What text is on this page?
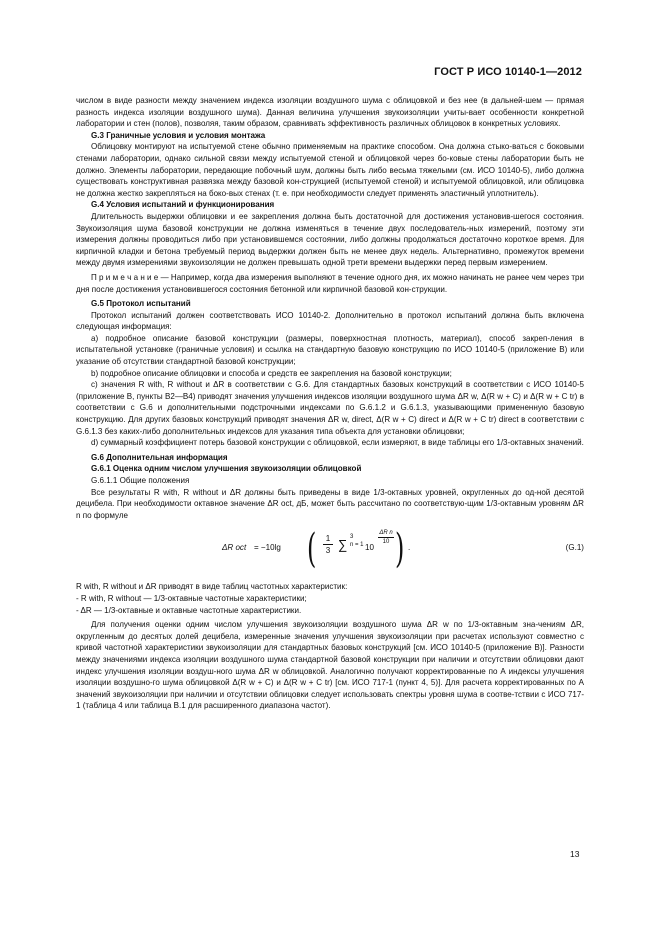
ГОСТ Р ИСО 10140-1—2012

числом в виде разности между значением индекса изоляции воздушного шума с облицовкой и без нее (в дальней-шем — прямая разность индекса изоляции воздушного шума). Данная величина улучшения звукоизоляции учиты-вает особенности конкретной лаборатории и стен (полов), позволяя, таким образом, сравнивать эффективность различных облицовок в конкретных условиях.

G.3 Граничные условия и условия монтажа

Облицовку монтируют на испытуемой стене обычно применяемым на практике способом. Она должна стыко-ваться с боковыми стенами лаборатории, однако сильной связи между испытуемой стеной и облицовкой через бо-ковые стены лаборатории быть не должно. Элементы лаборатории, передающие побочный шум, должны быть либо весьма тяжелыми (см. ИСО 10140-5), либо должна существовать конструктивная развязка между базовой кон-струкцией (испытуемой стеной) и испытуемой облицовкой, или облицовка не должна жестко закрепляться на боко-вых стенах (т. е. при необходимости следует применять эластичный уплотнитель).

G.4 Условия испытаний и функционирования

Длительность выдержки облицовки и ее закрепления должна быть достаточной для достижения установив-шегося состояния. Звукоизоляция шума базовой конструкции не должна изменяться в течение двух последователь-ных измерений, поэтому эти измерения должны проводиться либо при установившемся состоянии, либо должны продолжаться достаточно короткое время. Для кирпичной кладки и бетона требуемый период выдержки должен быть не менее двух недель. Альтернативно, промежуток времени между двумя измерениями звукоизоляции не должен превышать одной трети времени выдержки перед первым измерением.

П р и м е ч а н и е — Например, когда два измерения выполняют в течение одного дня, их можно начинать не ранее чем через три дня после достижения установившегося состояния бетонной или кирпичной базовой кон-струкции.

G.5 Протокол испытаний

Протокол испытаний должен соответствовать ИСО 10140-2. Дополнительно в протокол испытаний должна быть включена следующая информация:

а) подробное описание базовой конструкции (размеры, поверхностная плотность, материал), способ закреп-ления в испытательной установке (граничные условия) и ссылка на стандартную базовую конструкцию по ИСО 10140-5 (приложение В) или указание об отсутствии стандартной базовой конструкции;

b) подробное описание облицовки и способа и средств ее закрепления на базовой конструкции;

с) значения R with, R without и ΔR в соответствии с G.6. Для стандартных базовых конструкций в соответствии с ИСО 10140-5 (приложение В, пункты В2—В4) приводят значения улучшения индексов изоляции воздушного шума ΔR w, Δ(R w + C) и Δ(R w + C tr) в соответствии с G.6 и дополнительными подстрочными индексами по G.6.1.2 и G.6.1.3, указывающими примененную базовую конструкцию. Для других базовых конструкций приводят значения ΔR w, direct, Δ(R w + C) direct и Δ(R w + C tr) direct в соответствии с G.6.1.3 без каких-либо дополнительных индексов для указания типа объекта для установки облицовки;

d) суммарный коэффициент потерь базовой конструкции с облицовкой, если измеряют, в виде таблицы его 1/3-октавных значений.

G.6 Дополнительная информация

G.6.1 Оценка одним числом улучшения звукоизоляции облицовкой

G.6.1.1 Общие положения

Все результаты R with, R without и ΔR должны быть приведены в виде 1/3-октавных уровней, округленных до од-ной десятой децибела. При необходимости октавное значение ΔR oct, дБ, может быть рассчитано по соответствую-щим 1/3-октавным уровням ΔR n по формуле

ΔR oct = −10lg ( $\frac{1}{3}$ ∑ 3
n = 1 10
$\frac{\text{ΔR n}}{10}$ ) .	(G.1)

R with, R without и ΔR приводят в виде таблиц частотных характеристик:

- R with, R without — 1/3-октавные частотные характеристики;

- ΔR — 1/3-октавные и октавные частотные характеристики.

Для получения оценки одним числом улучшения звукоизоляции воздушного шума ΔR w по 1/3-октавным зна-чениям ΔR, округленным до десятых долей децибела, измеренные значения улучшения звукоизоляции при расчетах используют совместно с кривой частотной характеристики звукоизоляции для стандартных базовых конструкций [см. ИСО 10140-5 (приложение В)]. Разности между значениями индекса изоляции воздушного шума стандартной базовой конструкции при наличии и отсутствии облицовки дают индекс улучшения изоляции воздуш-ного шума ΔR w облицовкой. Аналогично получают корректированные по А индексы улучшения изоляции воздушно-го шума облицовкой Δ(R w + C) и Δ(R w + C tr) [см. ИСО 717-1 (пункт 4, 5)]. Для расчета корректированных по А значений звукоизоляции при наличии и отсутствии облицовки следует использовать спектры уровня шума в соотве-тствии с ИСО 717-1 (таблица 4 или таблица В.1 для расширенного диапазона частот).

13
